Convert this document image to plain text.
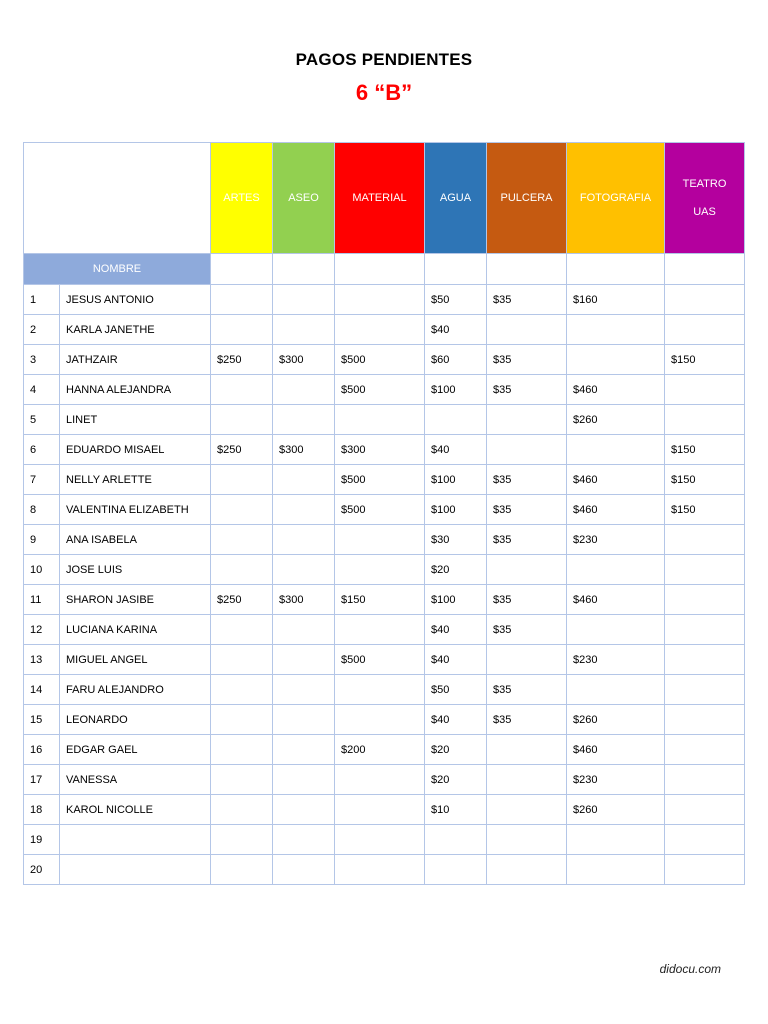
PAGOS PENDIENTES
6 “B”
		ARTES	ASEO	MATERIAL	AGUA	PULCERA	FOTOGRAFIA	TEATRO UAS
NOMBRE								
1	JESUS ANTONIO				$50	$35	$160	
2	KARLA JANETHE				$40			
3	JATHZAIR	$250	$300	$500	$60	$35		$150
4	HANNA ALEJANDRA			$500	$100	$35	$460	
5	LINET						$260	
6	EDUARDO MISAEL	$250	$300	$300	$40			$150
7	NELLY ARLETTE			$500	$100	$35	$460	$150
8	VALENTINA ELIZABETH			$500	$100	$35	$460	$150
9	ANA ISABELA				$30	$35	$230	
10	JOSE LUIS				$20			
11	SHARON JASIBE	$250	$300	$150	$100	$35	$460	
12	LUCIANA KARINA				$40	$35		
13	MIGUEL ANGEL			$500	$40		$230	
14	FARU ALEJANDRO				$50	$35		
15	LEONARDO				$40	$35	$260	
16	EDGAR GAEL			$200	$20		$460	
17	VANESSA				$20		$230	
18	KAROL NICOLLE				$10		$260	
19								
20								
didocu.com
